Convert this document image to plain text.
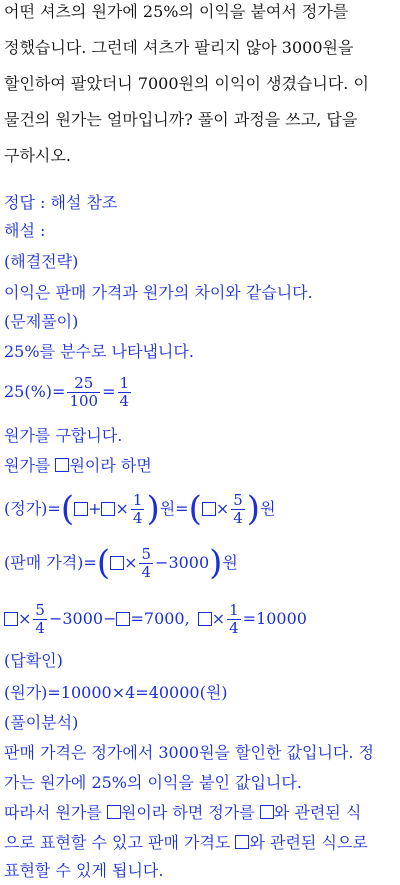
어떤 셔츠의 원가에 25%의 이익을 붙여서 정가를
정했습니다. 그런데 셔츠가 팔리지 않아 3000원을
할인하여 팔았더니 7000원의 이익이 생겼습니다. 이
물건의 원가는 얼마입니까? 풀이 과정을 쓰고, 답을
구하시오.
정답 : 해설 참조
해설 :
(해결전략)
이익은 판매 가격과 원가의 차이와 같습니다.
(문제풀이)
25%를 분수로 나타냅니다.
$25(\%)= \frac{25}{100} = \frac{1}{4}$
원가를 구합니다.
원가를 원이라 하면
(정가)= ( + × $\frac{1}{4}$ ) 원= ( × $\frac{5}{4}$ ) 원
(판매 가격)= ( × $\frac{5}{4} -3000$ ) 원
× $\frac{5}{4} -3000- =7000$, × $\frac{1}{4} =10000$
(답확인)
(원가)=10000×4=40000(원)
(풀이분석)
판매 가격은 정가에서 3000원을 할인한 값입니다. 정
가는 원가에 25%의 이익을 붙인 값입니다.
따라서 원가를 원이라 하면 정가를 와 관련된 식
으로 표현할 수 있고 판매 가격도 와 관련된 식으로
표현할 수 있게 됩니다.
